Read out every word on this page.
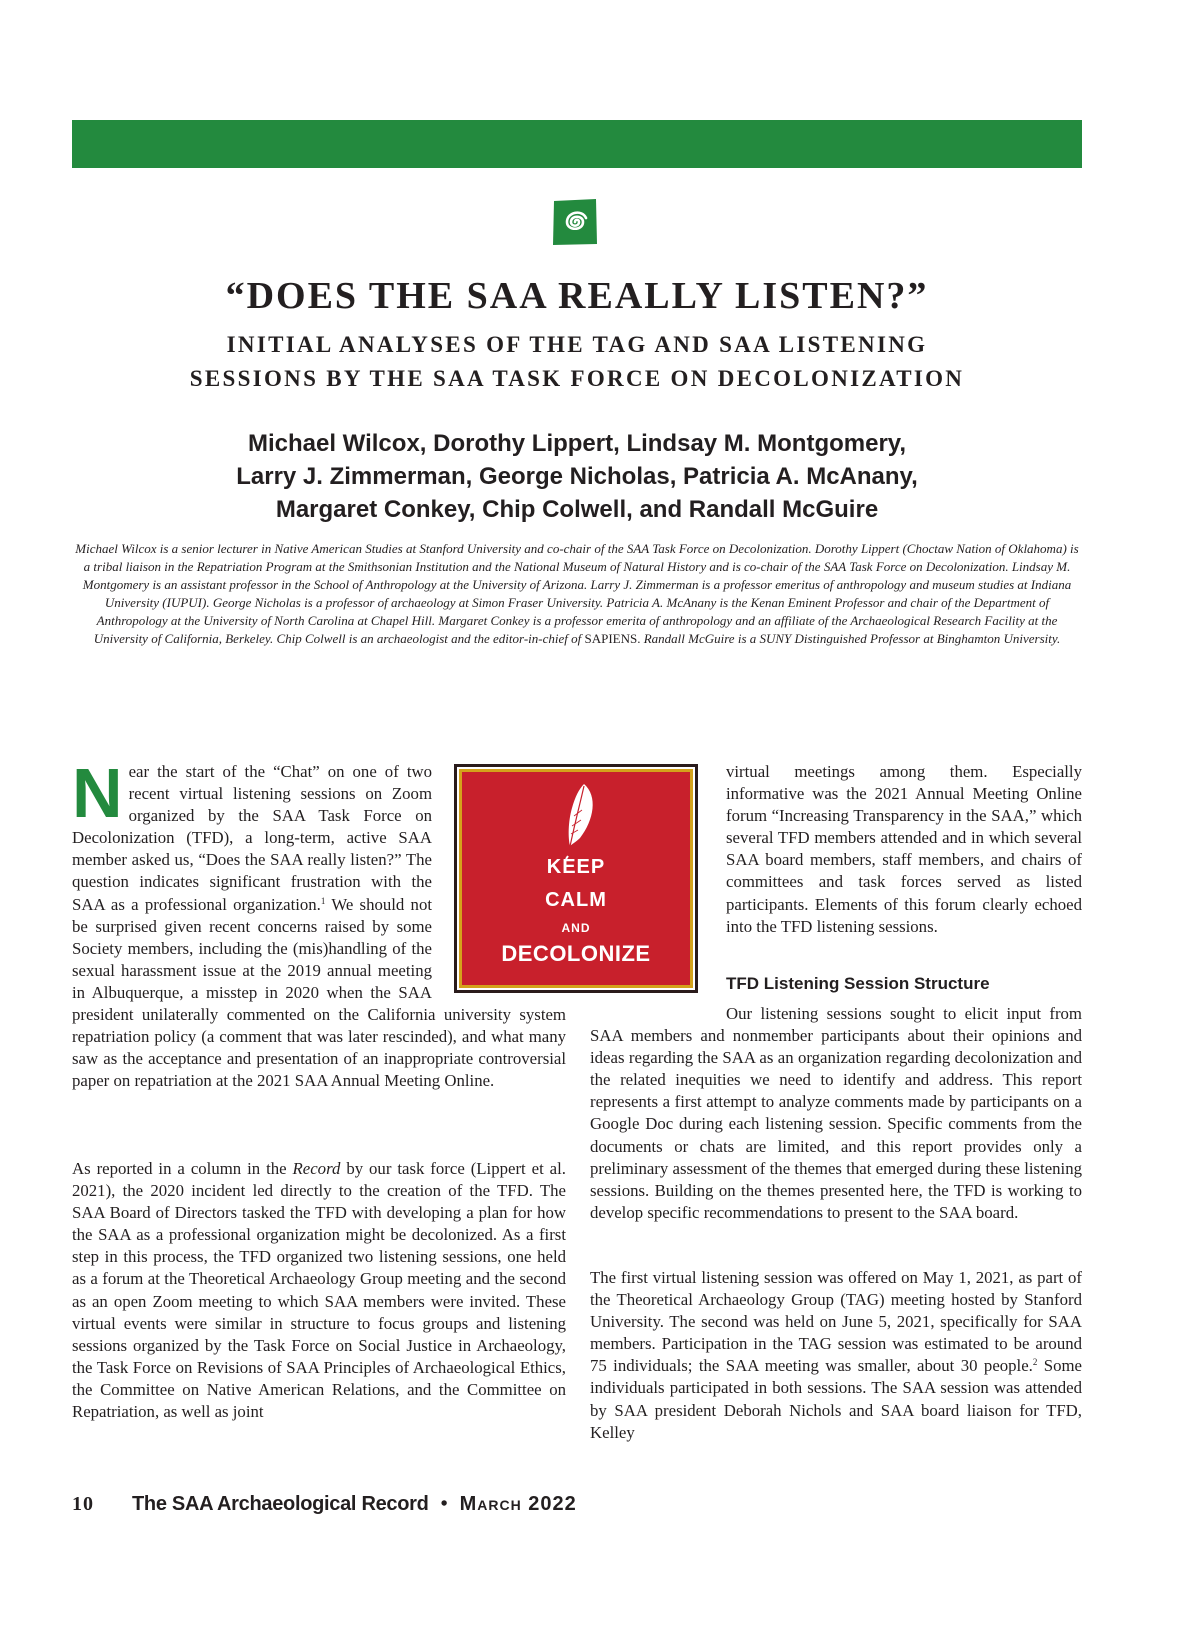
“DOES THE SAA REALLY LISTEN?”
INITIAL ANALYSES OF THE TAG AND SAA LISTENING
SESSIONS BY THE SAA TASK FORCE ON DECOLONIZATION
Michael Wilcox, Dorothy Lippert, Lindsay M. Montgomery,
Larry J. Zimmerman, George Nicholas, Patricia A. McAnany,
Margaret Conkey, Chip Colwell, and Randall McGuire
Michael Wilcox is a senior lecturer in Native American Studies at Stanford University and co-chair of the SAA Task Force on Decolonization. Dorothy Lippert (Choctaw Nation of Oklahoma) is a tribal liaison in the Repatriation Program at the Smithsonian Institution and the National Museum of Natural History and is co-chair of the SAA Task Force on Decolonization. Lindsay M. Montgomery is an assistant professor in the School of Anthropology at the University of Arizona. Larry J. Zimmerman is a professor emeritus of anthropology and museum studies at Indiana University (IUPUI). George Nicholas is a professor of archaeology at Simon Fraser University. Patricia A. McAnany is the Kenan Eminent Professor and chair of the Department of Anthropology at the University of North Carolina at Chapel Hill. Margaret Conkey is a professor emerita of anthropology and an affiliate of the Archaeological Research Facility at the University of California, Berkeley. Chip Colwell is an archaeologist and the editor-in-chief of SAPIENS. Randall McGuire is a SUNY Distinguished Professor at Binghamton University.
N ear the start of the “Chat” on one of two recent virtual listening sessions on Zoom organized by the SAA Task Force on Decolonization (TFD), a long-term, active SAA member asked us, “Does the SAA really listen?” The question indicates significant frustration with the SAA as a professional organization.$^1$ We should not be surprised given recent concerns raised by some Society members, including the (mis)handling of the sexual harassment issue at the 2019 annual meeting in Albuquerque, a misstep in 2020 when the SAA president unilaterally commented on the California university system repatriation policy (a comment that was later rescinded), and what many saw as the acceptance and presentation of an inappropriate controversial paper on repatriation at the 2021 SAA Annual Meeting Online.

As reported in a column in the Record by our task force (Lippert et al. 2021), the 2020 incident led directly to the creation of the TFD. The SAA Board of Directors tasked the TFD with developing a plan for how the SAA as a professional organization might be decolonized. As a first step in this process, the TFD organized two listening sessions, one held as a forum at the Theoretical Archaeology Group meeting and the second as an open Zoom meeting to which SAA members were invited. These virtual events were similar in structure to focus groups and listening sessions organized by the Task Force on Social Justice in Archaeology, the Task Force on Revisions of SAA Principles of Archaeological Ethics, the Committee on Native American Relations, and the Committee on Repatriation, as well as joint

KEEP
CALM
AND
DECOLONIZE

virtual meetings among them. Especially informative was the 2021 Annual Meeting Online forum “Increasing Transparency in the SAA,” which several TFD members attended and in which several SAA board members, staff members, and chairs of committees and task forces served as listed participants. Elements of this forum clearly echoed into the TFD listening sessions.

TFD Listening Session Structure

Our listening sessions sought to elicit input from SAA members and nonmember participants about their opinions and ideas regarding the SAA as an organization regarding decolonization and the related inequities we need to identify and address. This report represents a first attempt to analyze comments made by participants on a Google Doc during each listening session. Specific comments from the documents or chats are limited, and this report provides only a preliminary assessment of the themes that emerged during these listening sessions. Building on the themes presented here, the TFD is working to develop specific recommendations to present to the SAA board.

The first virtual listening session was offered on May 1, 2021, as part of the Theoretical Archaeology Group (TAG) meeting hosted by Stanford University. The second was held on June 5, 2021, specifically for SAA members. Participation in the TAG session was estimated to be around 75 individuals; the SAA meeting was smaller, about 30 people.$^2$ Some individuals participated in both sessions. The SAA session was attended by SAA president Deborah Nichols and SAA board liaison for TFD, Kelley

10 The SAA Archaeological Record • March 2022
